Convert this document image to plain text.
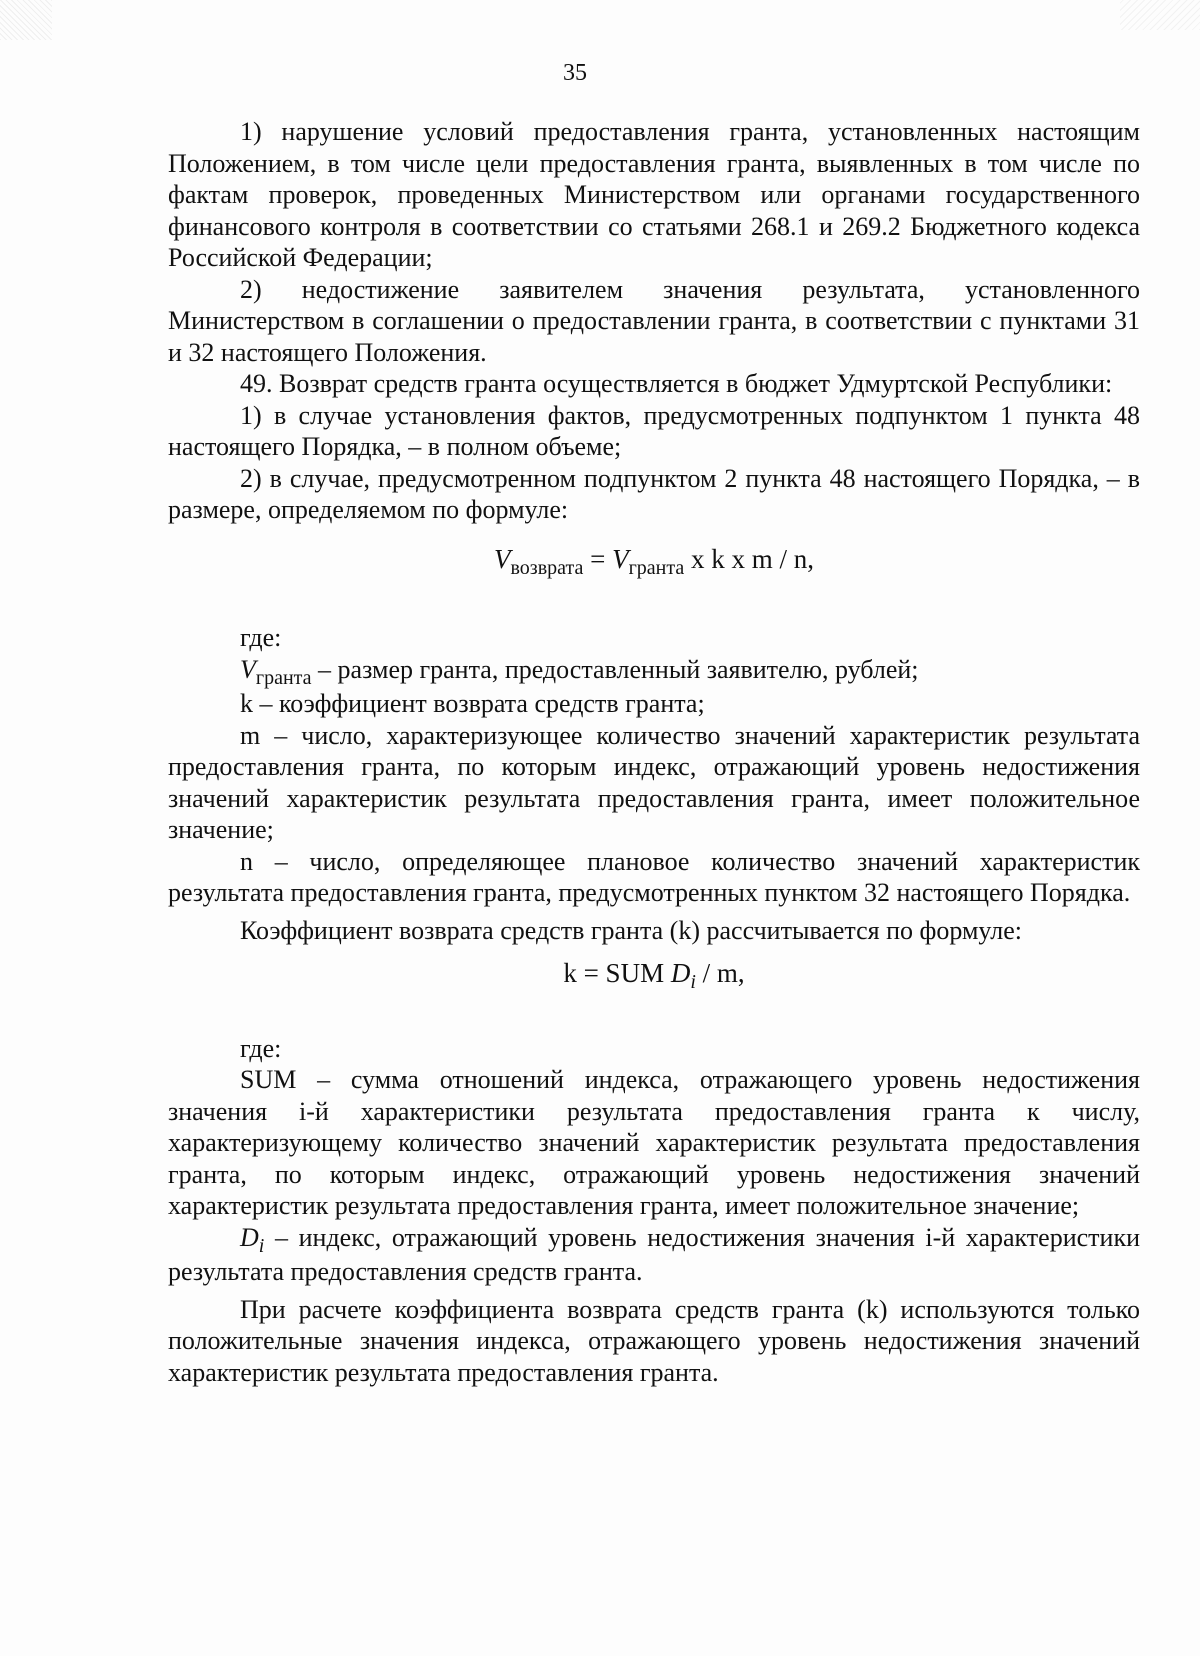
35

1) нарушение условий предоставления гранта, установленных настоящим Положением, в том числе цели предоставления гранта, выявленных в том числе по фактам проверок, проведенных Министерством или органами государственного финансового контроля в соответствии со статьями 268.1 и 269.2 Бюджетного кодекса Российской Федерации;

2) недостижение заявителем значения результата, установленного Министерством в соглашении о предоставлении гранта, в соответствии с пунктами 31 и 32 настоящего Положения.

49. Возврат средств гранта осуществляется в бюджет Удмуртской Республики:

1) в случае установления фактов, предусмотренных подпунктом 1 пункта 48 настоящего Порядка, – в полном объеме;

2) в случае, предусмотренном подпунктом 2 пункта 48 настоящего Порядка, – в размере, определяемом по формуле:

$V_{возврата} = V_{гранта}$ x k x m / n,

где:

$V_{гранта}$ – размер гранта, предоставленный заявителю, рублей;

k – коэффициент возврата средств гранта;

m – число, характеризующее количество значений характеристик результата предоставления гранта, по которым индекс, отражающий уровень недостижения значений характеристик результата предоставления гранта, имеет положительное значение;

n – число, определяющее плановое количество значений характеристик результата предоставления гранта, предусмотренных пунктом 32 настоящего Порядка.

Коэффициент возврата средств гранта (k) рассчитывается по формуле:

k = SUM $D_i$ / m,

где:

SUM – сумма отношений индекса, отражающего уровень недостижения значения i-й характеристики результата предоставления гранта к числу, характеризующему количество значений характеристик результата предоставления гранта, по которым индекс, отражающий уровень недостижения значений характеристик результата предоставления гранта, имеет положительное значение;

$D_i$ – индекс, отражающий уровень недостижения значения i-й характеристики результата предоставления средств гранта.

При расчете коэффициента возврата средств гранта (k) используются только положительные значения индекса, отражающего уровень недостижения значений характеристик результата предоставления гранта.
